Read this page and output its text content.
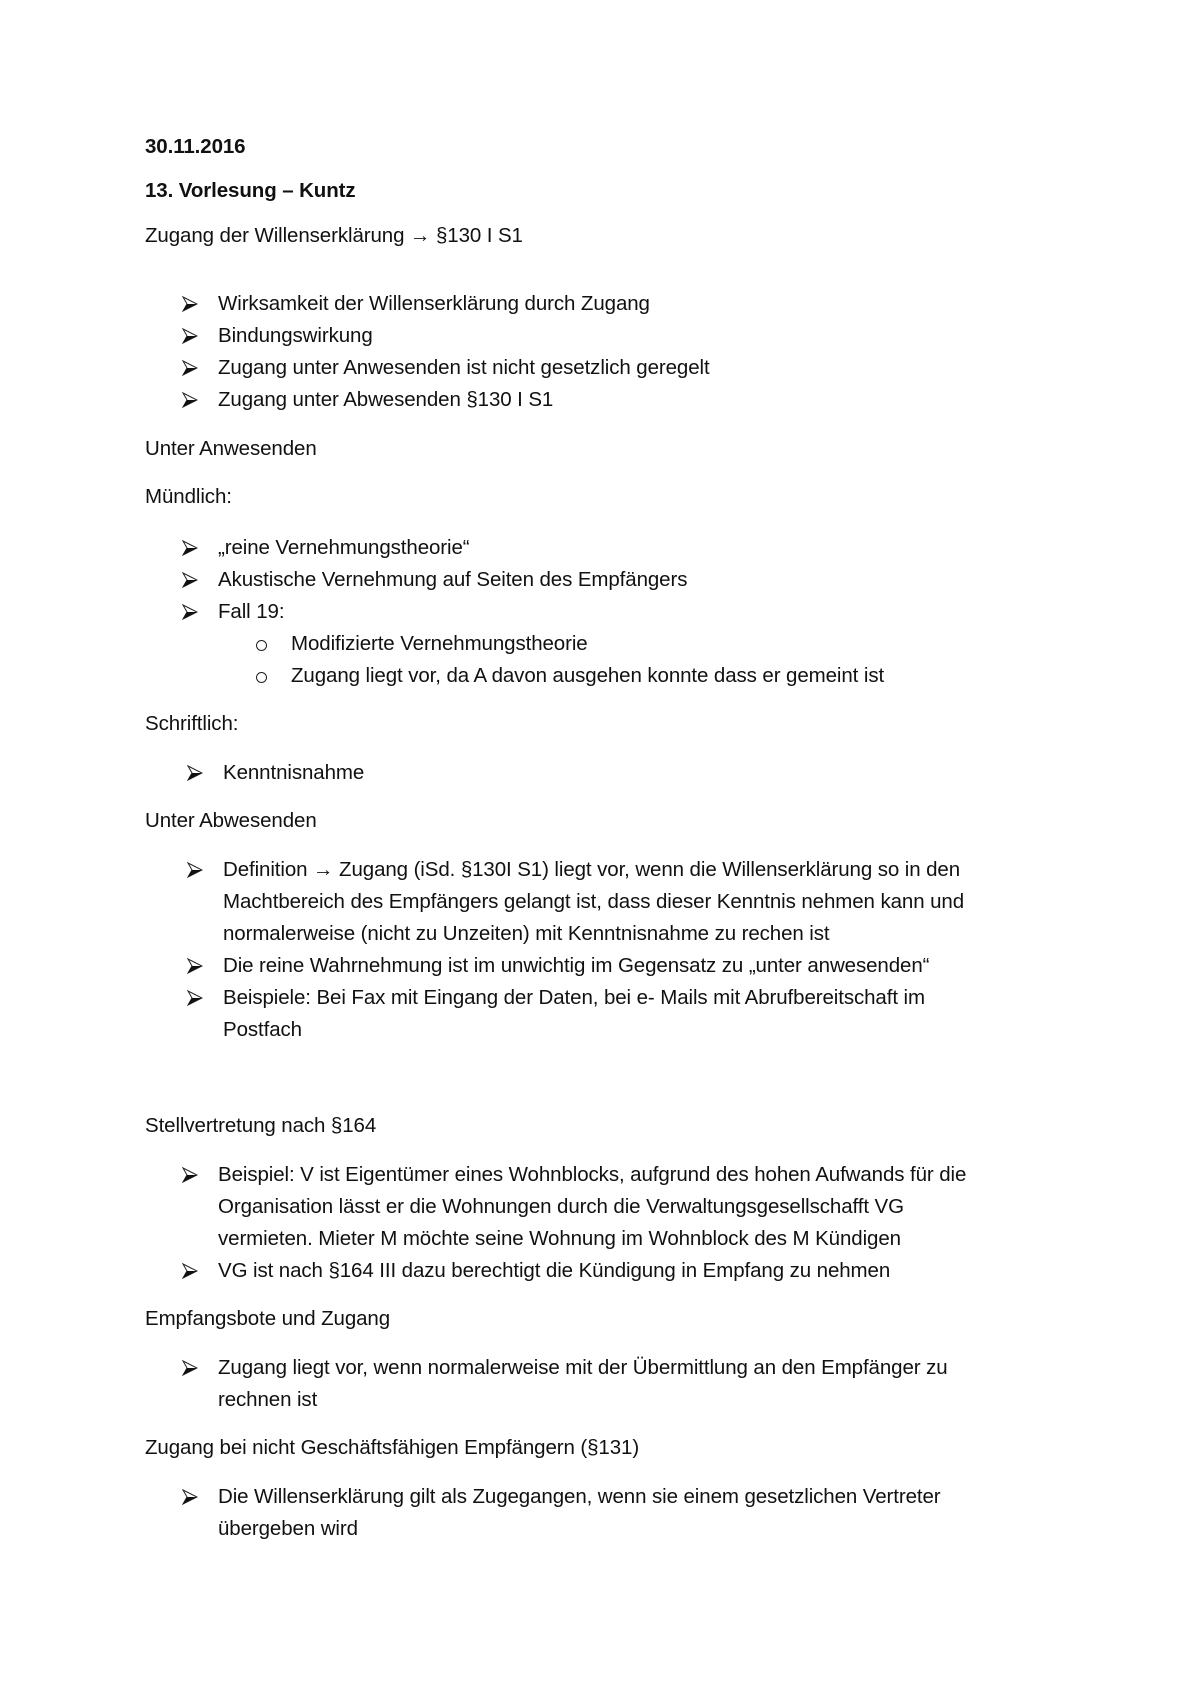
30.11.2016
13. Vorlesung – Kuntz
Zugang der Willenserklärung → §130 I S1
Wirksamkeit der Willenserklärung durch Zugang
Bindungswirkung
Zugang unter Anwesenden ist nicht gesetzlich geregelt
Zugang unter Abwesenden §130 I S1
Unter Anwesenden
Mündlich:
„reine Vernehmungstheorie“
Akustische Vernehmung auf Seiten des Empfängers
Fall 19:
Modifizierte Vernehmungstheorie
Zugang liegt vor, da A davon ausgehen konnte dass er gemeint ist
Schriftlich:
Kenntnisnahme
Unter Abwesenden
Definition → Zugang (iSd. §130I S1) liegt vor, wenn die Willenserklärung so in den
Machtbereich des Empfängers gelangt ist, dass dieser Kenntnis nehmen kann und
normalerweise (nicht zu Unzeiten) mit Kenntnisnahme zu rechen ist
Die reine Wahrnehmung ist im unwichtig im Gegensatz zu „unter anwesenden“
Beispiele: Bei Fax mit Eingang der Daten, bei e- Mails mit Abrufbereitschaft im
Postfach
Stellvertretung nach §164
Beispiel: V ist Eigentümer eines Wohnblocks, aufgrund des hohen Aufwands für die
Organisation lässt er die Wohnungen durch die Verwaltungsgesellschafft VG
vermieten. Mieter M möchte seine Wohnung im Wohnblock des M Kündigen
VG ist nach §164 III dazu berechtigt die Kündigung in Empfang zu nehmen
Empfangsbote und Zugang
Zugang liegt vor, wenn normalerweise mit der Übermittlung an den Empfänger zu
rechnen ist
Zugang bei nicht Geschäftsfähigen Empfängern (§131)
Die Willenserklärung gilt als Zugegangen, wenn sie einem gesetzlichen Vertreter
übergeben wird
